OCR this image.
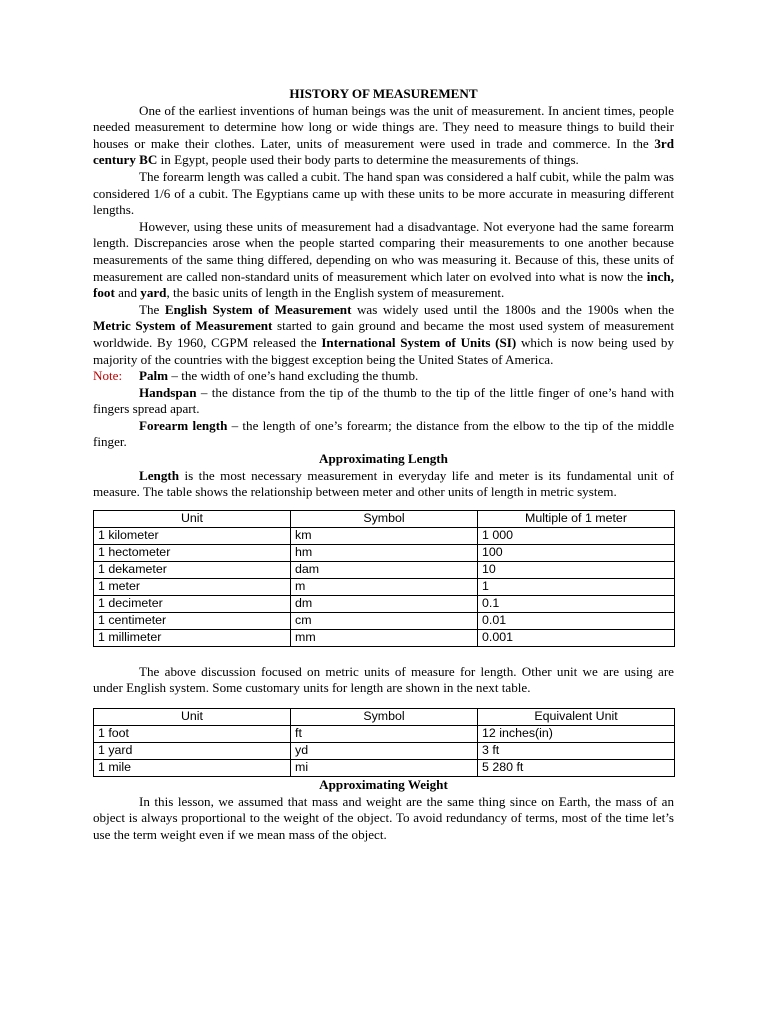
HISTORY OF MEASUREMENT

One of the earliest inventions of human beings was the unit of measurement. In ancient times, people needed measurement to determine how long or wide things are. They need to measure things to build their houses or make their clothes. Later, units of measurement were used in trade and commerce. In the 3rd century BC in Egypt, people used their body parts to determine the measurements of things.

The forearm length was called a cubit. The hand span was considered a half cubit, while the palm was considered 1/6 of a cubit. The Egyptians came up with these units to be more accurate in measuring different lengths.

However, using these units of measurement had a disadvantage. Not everyone had the same forearm length. Discrepancies arose when the people started comparing their measurements to one another because measurements of the same thing differed, depending on who was measuring it. Because of this, these units of measurement are called non-standard units of measurement which later on evolved into what is now the inch, foot and yard, the basic units of length in the English system of measurement.

The English System of Measurement was widely used until the 1800s and the 1900s when the Metric System of Measurement started to gain ground and became the most used system of measurement worldwide. By 1960, CGPM released the International System of Units (SI) which is now being used by majority of the countries with the biggest exception being the United States of America.

Note: Palm – the width of one’s hand excluding the thumb.

Handspan – the distance from the tip of the thumb to the tip of the little finger of one’s hand with fingers spread apart.

Forearm length – the length of one’s forearm; the distance from the elbow to the tip of the middle finger.

Approximating Length

Length is the most necessary measurement in everyday life and meter is its fundamental unit of measure. The table shows the relationship between meter and other units of length in metric system.

Unit	Symbol	Multiple of 1 meter
1 kilometer	km	1 000
1 hectometer	hm	100
1 dekameter	dam	10
1 meter	m	1
1 decimeter	dm	0.1
1 centimeter	cm	0.01
1 millimeter	mm	0.001

The above discussion focused on metric units of measure for length. Other unit we are using are under English system. Some customary units for length are shown in the next table.

Unit	Symbol	Equivalent Unit
1 foot	ft	12 inches(in)
1 yard	yd	3 ft
1 mile	mi	5 280 ft

Approximating Weight

In this lesson, we assumed that mass and weight are the same thing since on Earth, the mass of an object is always proportional to the weight of the object. To avoid redundancy of terms, most of the time let’s use the term weight even if we mean mass of the object.
